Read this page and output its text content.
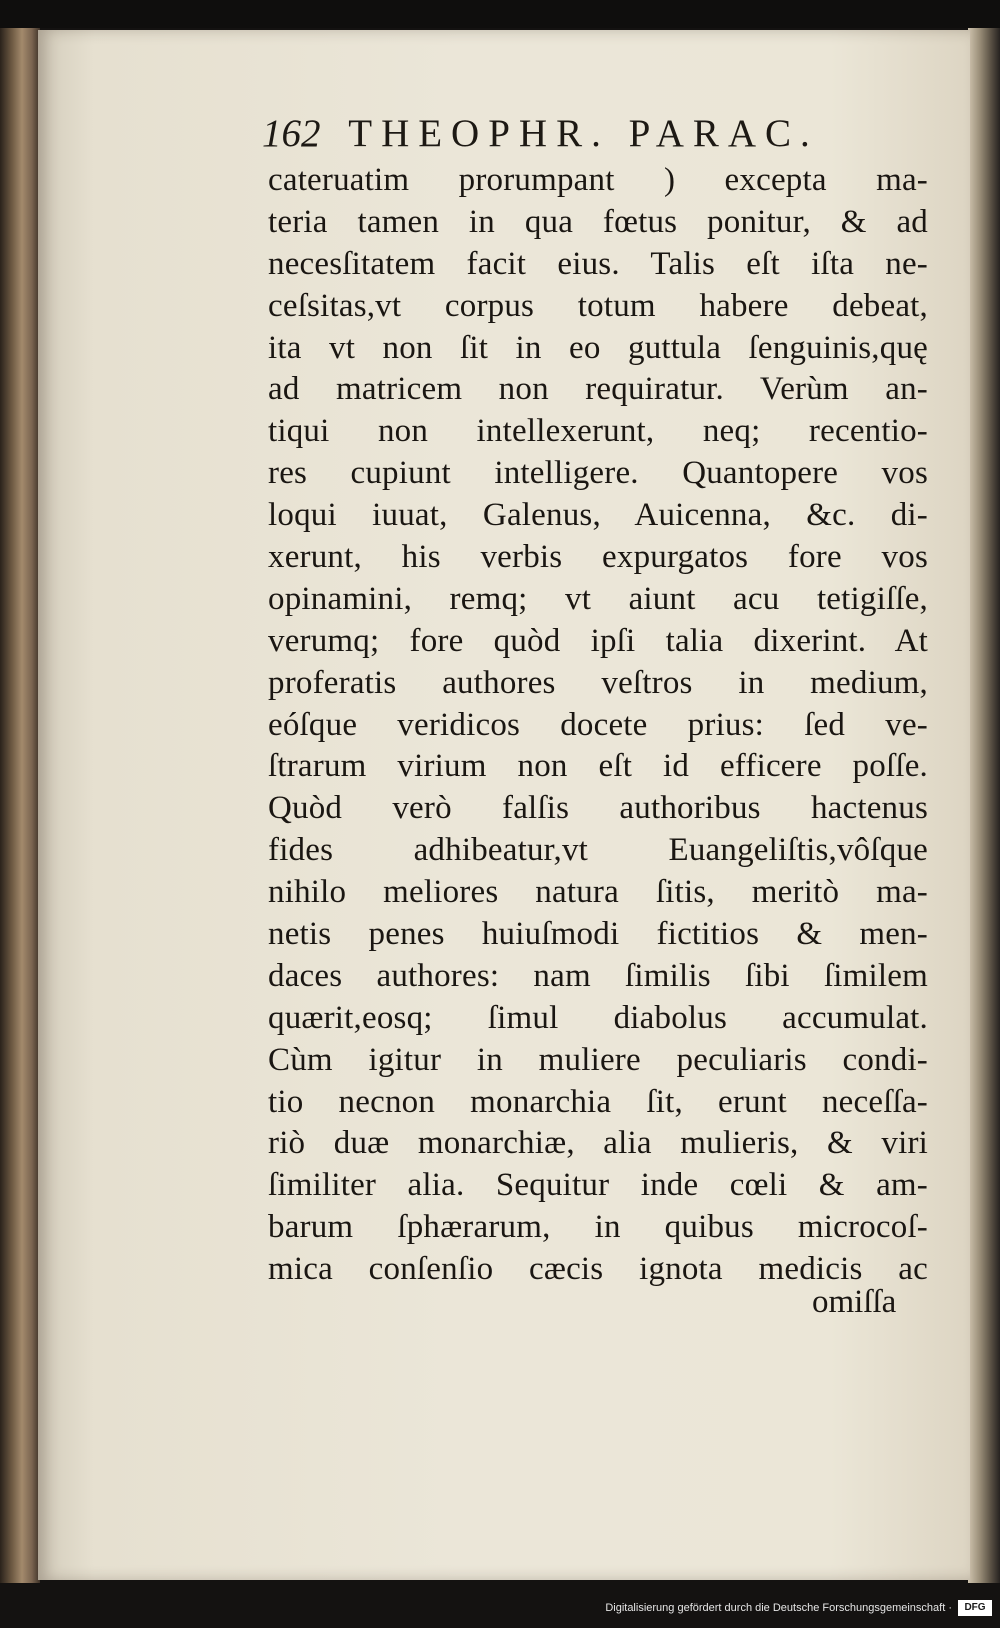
162 THEOPHR. PARAC.
cateruatim prorumpant ) excepta ma-
teria tamen in qua fœtus ponitur, & ad
necesſitatem facit eius. Talis eſt iſta ne-
ceſsitas,vt corpus totum habere debeat,
ita vt non ſit in eo guttula ſenguinis,quę
ad matricem non requiratur. Verùm an-
tiqui non intellexerunt, neq; recentio-
res cupiunt intelligere. Quantopere vos
loqui iuuat, Galenus, Auicenna, &c. di-
xerunt, his verbis expurgatos fore vos
opinamini, remq; vt aiunt acu tetigiſſe,
verumq; fore quòd ipſi talia dixerint. At
proferatis authores veſtros in medium,
eóſque veridicos docete prius: ſed ve-
ſtrarum virium non eſt id efficere poſſe.
Quòd verò falſis authoribus hactenus
fides adhibeatur,vt Euangeliſtis,vôſque
nihilo meliores natura ſitis, meritò ma-
netis penes huiuſmodi fictitios & men-
daces authores: nam ſimilis ſibi ſimilem
quærit,eosq; ſimul diabolus accumulat.
Cùm igitur in muliere peculiaris condi-
tio necnon monarchia ſit, erunt neceſſa-
riò duæ monarchiæ, alia mulieris, & viri
ſimiliter alia. Sequitur inde cœli & am-
barum ſphærarum, in quibus microcoſ-
mica conſenſio cæcis ignota medicis ac
omiſſa
Digitalisierung gefördert durch die Deutsche Forschungsgemeinschaft ·	DFG
